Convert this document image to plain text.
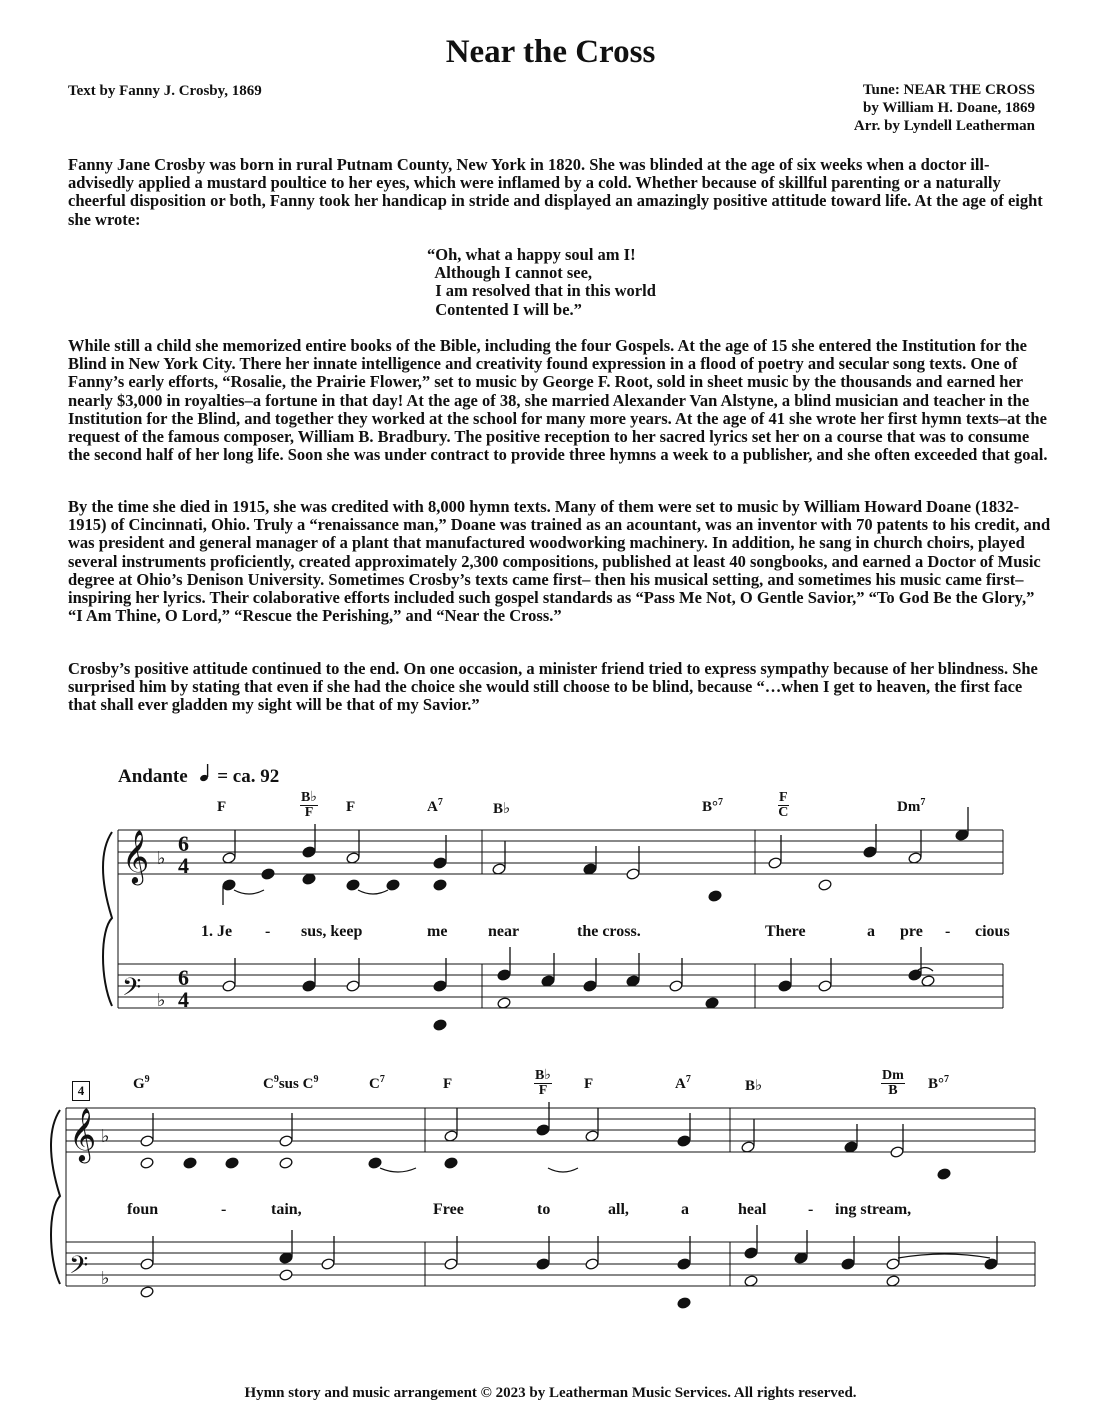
Near the Cross
Text by Fanny J. Crosby, 1869	Tune: NEAR THE CROSS
by William H. Doane, 1869
Arr. by Lyndell Leatherman

Fanny Jane Crosby was born in rural Putnam County, New York in 1820. She was blinded at the age of six weeks when a doctor ill-advisedly applied a mustard poultice to her eyes, which were inflamed by a cold. Whether because of skillful parenting or a naturally cheerful disposition or both, Fanny took her handicap in stride and displayed an amazingly positive attitude toward life. At the age of eight she wrote:

“Oh, what a happy soul am I!
Although I cannot see,
I am resolved that in this world
Contented I will be.”

While still a child she memorized entire books of the Bible, including the four Gospels. At the age of 15 she entered the Institution for the Blind in New York City. There her innate intelligence and creativity found expression in a flood of poetry and secular song texts. One of Fanny’s early efforts, “Rosalie, the Prairie Flower,” set to music by George F. Root, sold in sheet music by the thousands and earned her nearly $3,000 in royalties–a fortune in that day! At the age of 38, she married Alexander Van Alstyne, a blind musician and teacher in the Institution for the Blind, and together they worked at the school for many more years. At the age of 41 she wrote her first hymn texts–at the request of the famous composer, William B. Bradbury. The positive reception to her sacred lyrics set her on a course that was to consume the second half of her long life. Soon she was under contract to provide three hymns a week to a publisher, and she often exceeded that goal.

By the time she died in 1915, she was credited with 8,000 hymn texts. Many of them were set to music by William Howard Doane (1832-1915) of Cincinnati, Ohio. Truly a “renaissance man,” Doane was trained as an acountant, was an inventor with 70 patents to his credit, and was president and general manager of a plant that manufactured woodworking machinery. In addition, he sang in church choirs, played several instruments proficiently, created approximately 2,300 compositions, published at least 40 songbooks, and earned a Doctor of Music degree at Ohio’s Denison University. Sometimes Crosby’s texts came first– then his musical setting, and sometimes his music came first–inspiring her lyrics. Their colaborative efforts included such gospel standards as “Pass Me Not, O Gentle Savior,” “To God Be the Glory,” “I Am Thine, O Lord,” “Rescue the Perishing,” and “Near the Cross.”

Crosby’s positive attitude continued to the end. On one occasion, a minister friend tried to express sympathy because of her blindness. She surprised him by stating that even if she had the choice she would still choose to be blind, because “…when I get to heaven, the first face that shall ever gladden my sight will be that of my Savior.”

Andante = ca. 92
F	$\frac{B♭}{F}$ F	$A^7$	B♭	B°$^7$	$\frac{F}{C}$	Dm$^7$
1. Je - sus, keep	me	near	the cross.	There	a pre - cious
4	$G^9$	$C^9sus$ $C^9$	$C^7$	F	$\frac{B♭}{F}$ F	$A^7$	B♭	$\frac{Dm}{B} B^\circ^7$
foun	-	tain,	Free	to	all,	a	heal	- ing stream,
𝄞
𝄢
♭
♭
𝄞
𝄢
♭
♭
6
4
6
4
Hymn story and music arrangement © 2023 by Leatherman Music Services. All rights reserved.
